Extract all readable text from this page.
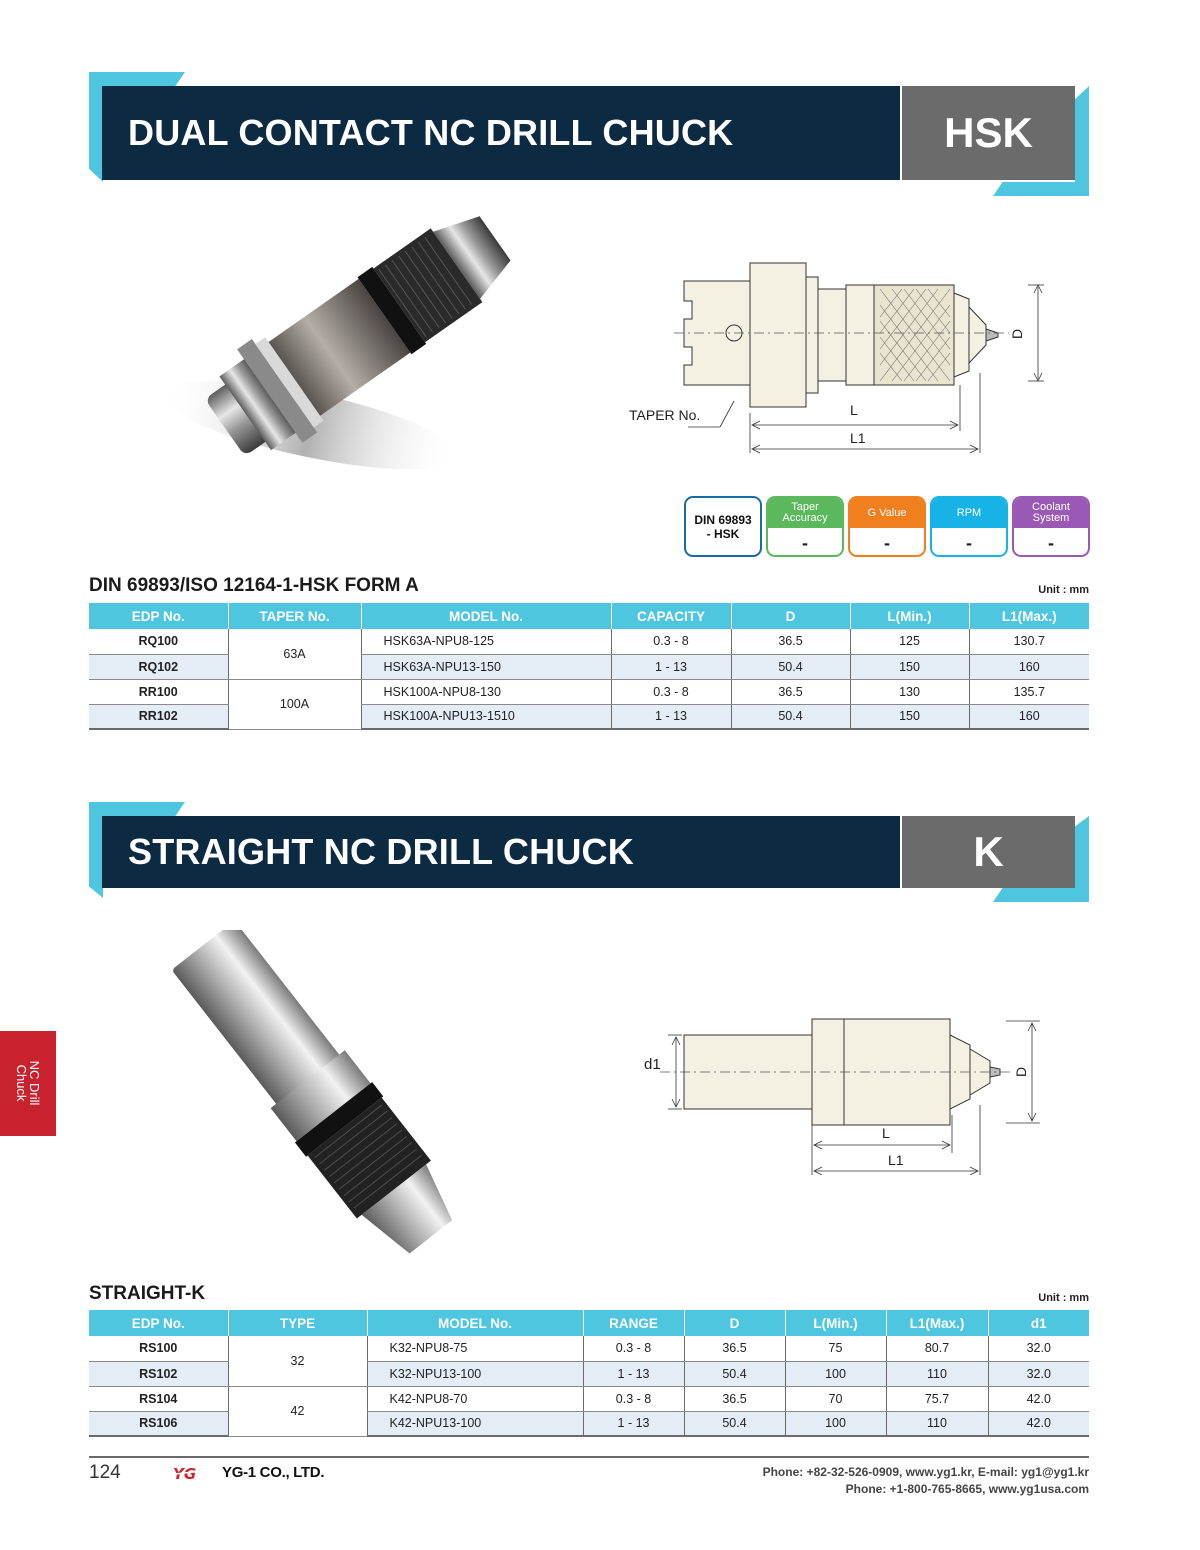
DUAL CONTACT NC DRILL CHUCK	HSK
TAPER No.	L
L1
D
DIN 69893
- HSK
Taper Accuracy
-
G Value
-
RPM
-
Coolant System
-
DIN 69893/ISO 12164-1-HSK FORM A	Unit : mm
EDP No.	TAPER No.	MODEL No.	CAPACITY	D	L(Min.)	L1(Max.)
RQ100	63A	HSK63A-NPU8-125	0.3 - 8	36.5	125	130.7
RQ102		HSK63A-NPU13-150	1 - 13	50.4	150	160
RR100	100A	HSK100A-NPU8-130	0.3 - 8	36.5	130	135.7
RR102		HSK100A-NPU13-1510	1 - 13	50.4	150	160
STRAIGHT NC DRILL CHUCK	K
d1
L
L1
D
STRAIGHT-K	Unit : mm
EDP No.	TYPE	MODEL No.	RANGE	D	L(Min.)	L1(Max.)	d1
RS100	32	K32-NPU8-75	0.3 - 8	36.5	75	80.7	32.0
RS102		K32-NPU13-100	1 - 13	50.4	100	110	32.0
RS104	42	K42-NPU8-70	0.3 - 8	36.5	70	75.7	42.0
RS106		K42-NPU13-100	1 - 13	50.4	100	110	42.0
NC Drill
Chuck
124	YG YG-1 CO., LTD.	Phone: +82-32-526-0909, www.yg1.kr, E-mail: yg1@yg1.kr
Phone: +1-800-765-8665, www.yg1usa.com
